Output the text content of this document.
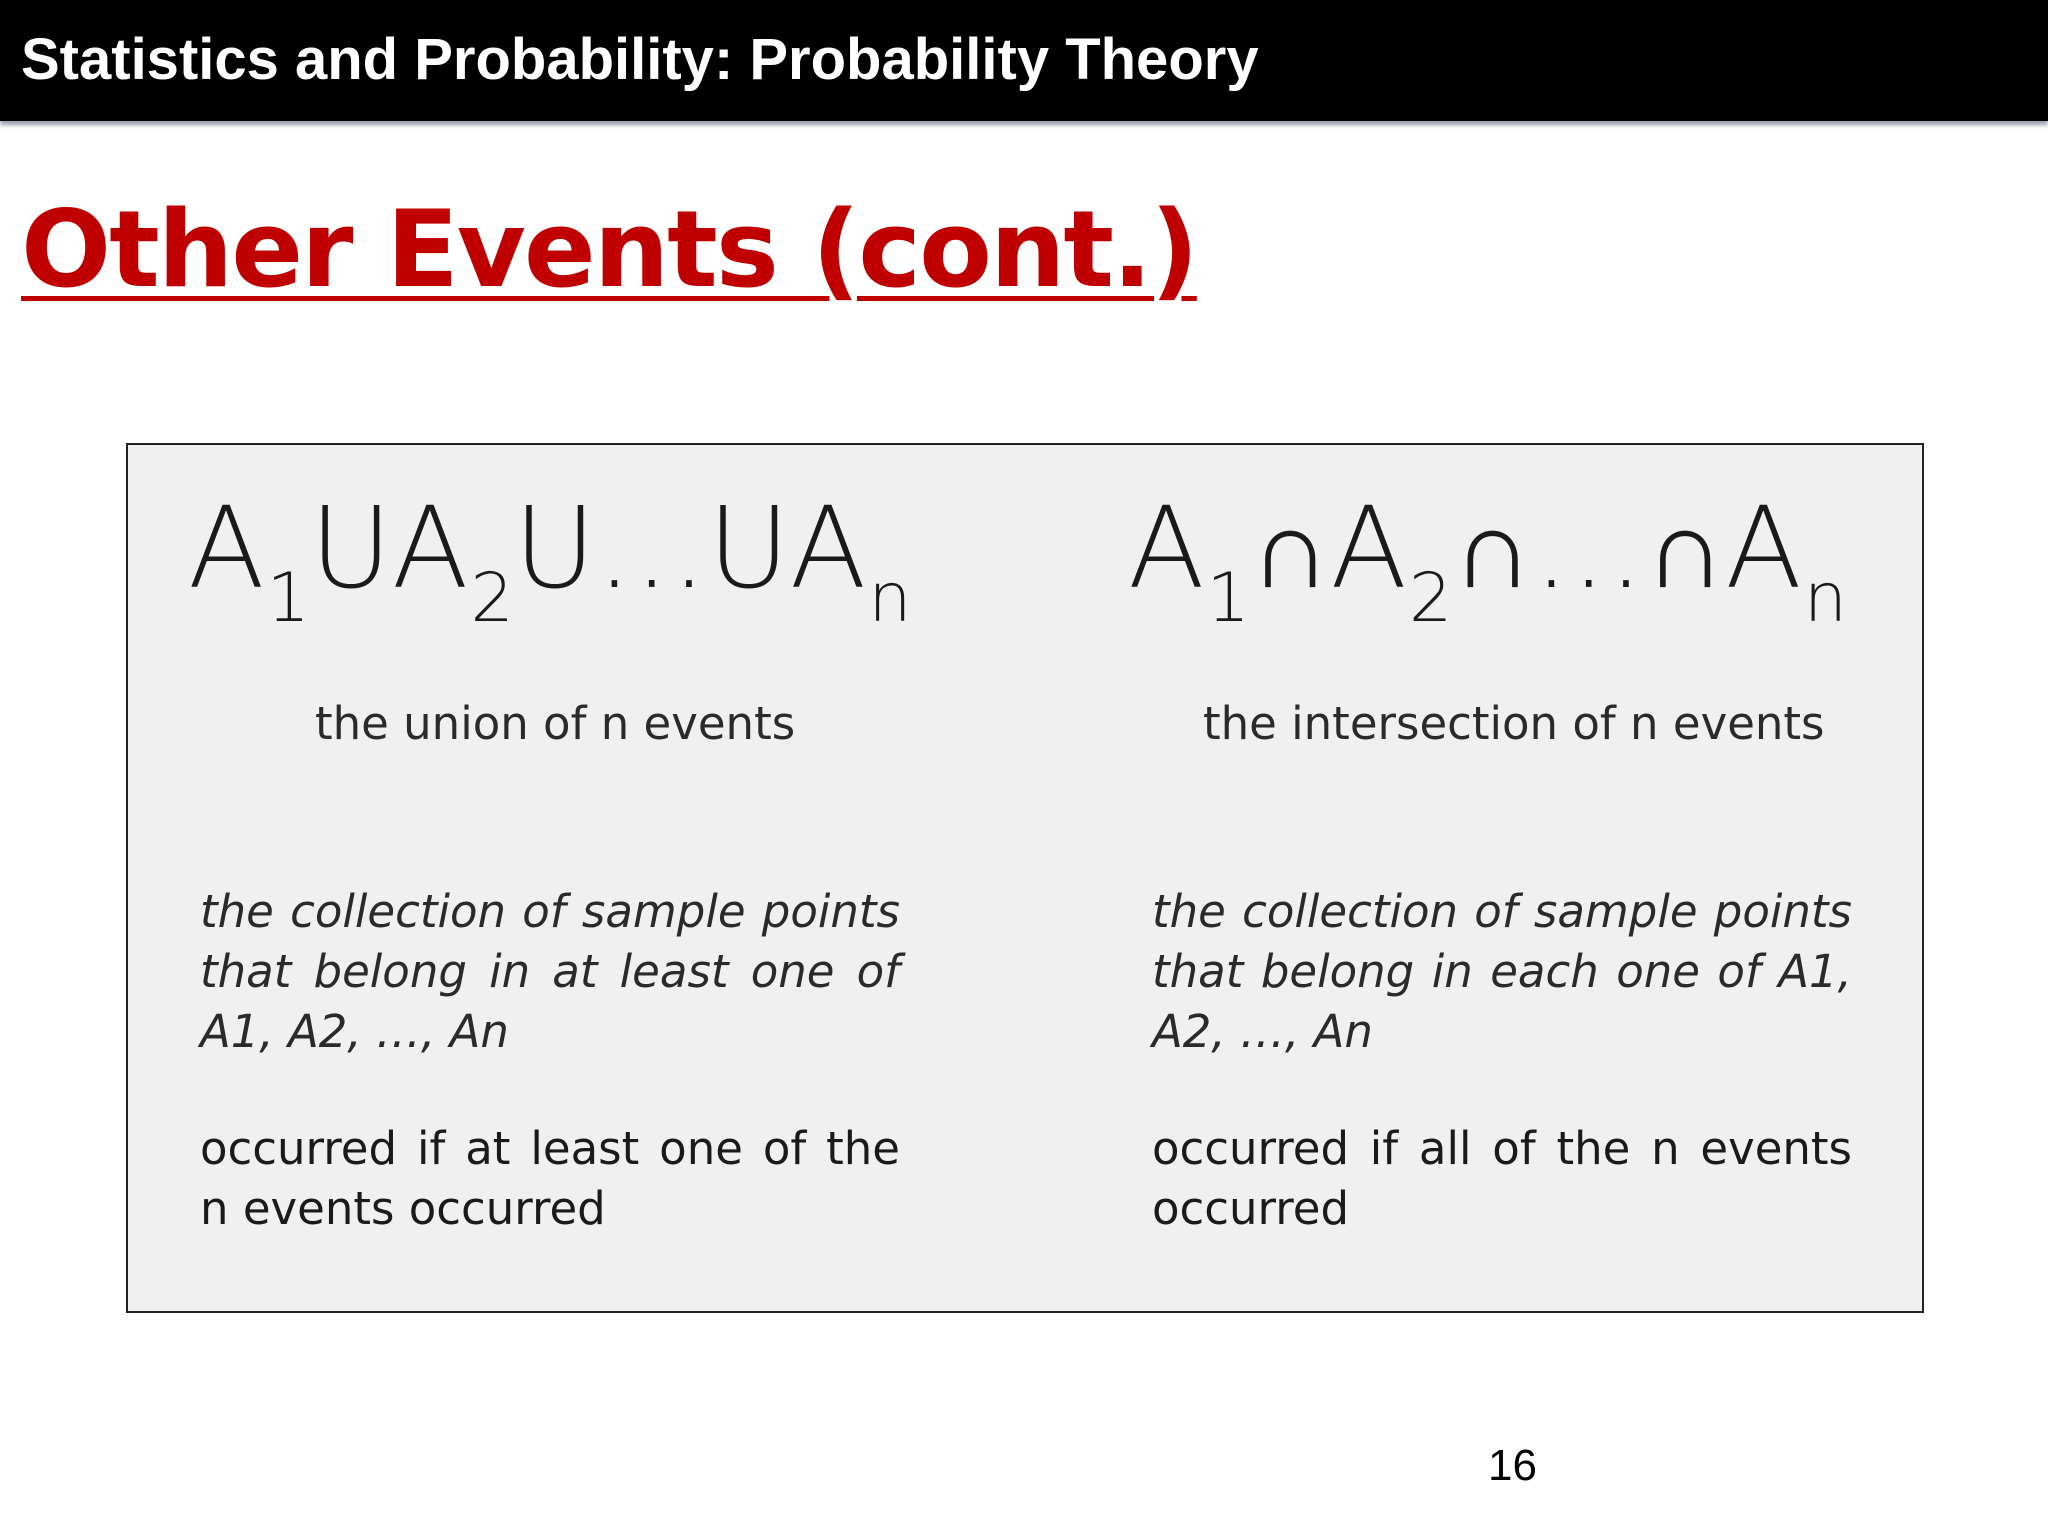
Statistics and Probability: Probability Theory
Other Events (cont.)
$A_1UA_2U\dots UA_n$ $A_1\cap A_2\cap\dots\cap A_n$
the union of n events	the intersection of n events
the collection of sample points that belong in at least one of A1, A2, …, An
the collection of sample points that belong in each one of A1, A2, …, An
occurred if at least one of the n events occurred
occurred if all of the n events occurred
16
